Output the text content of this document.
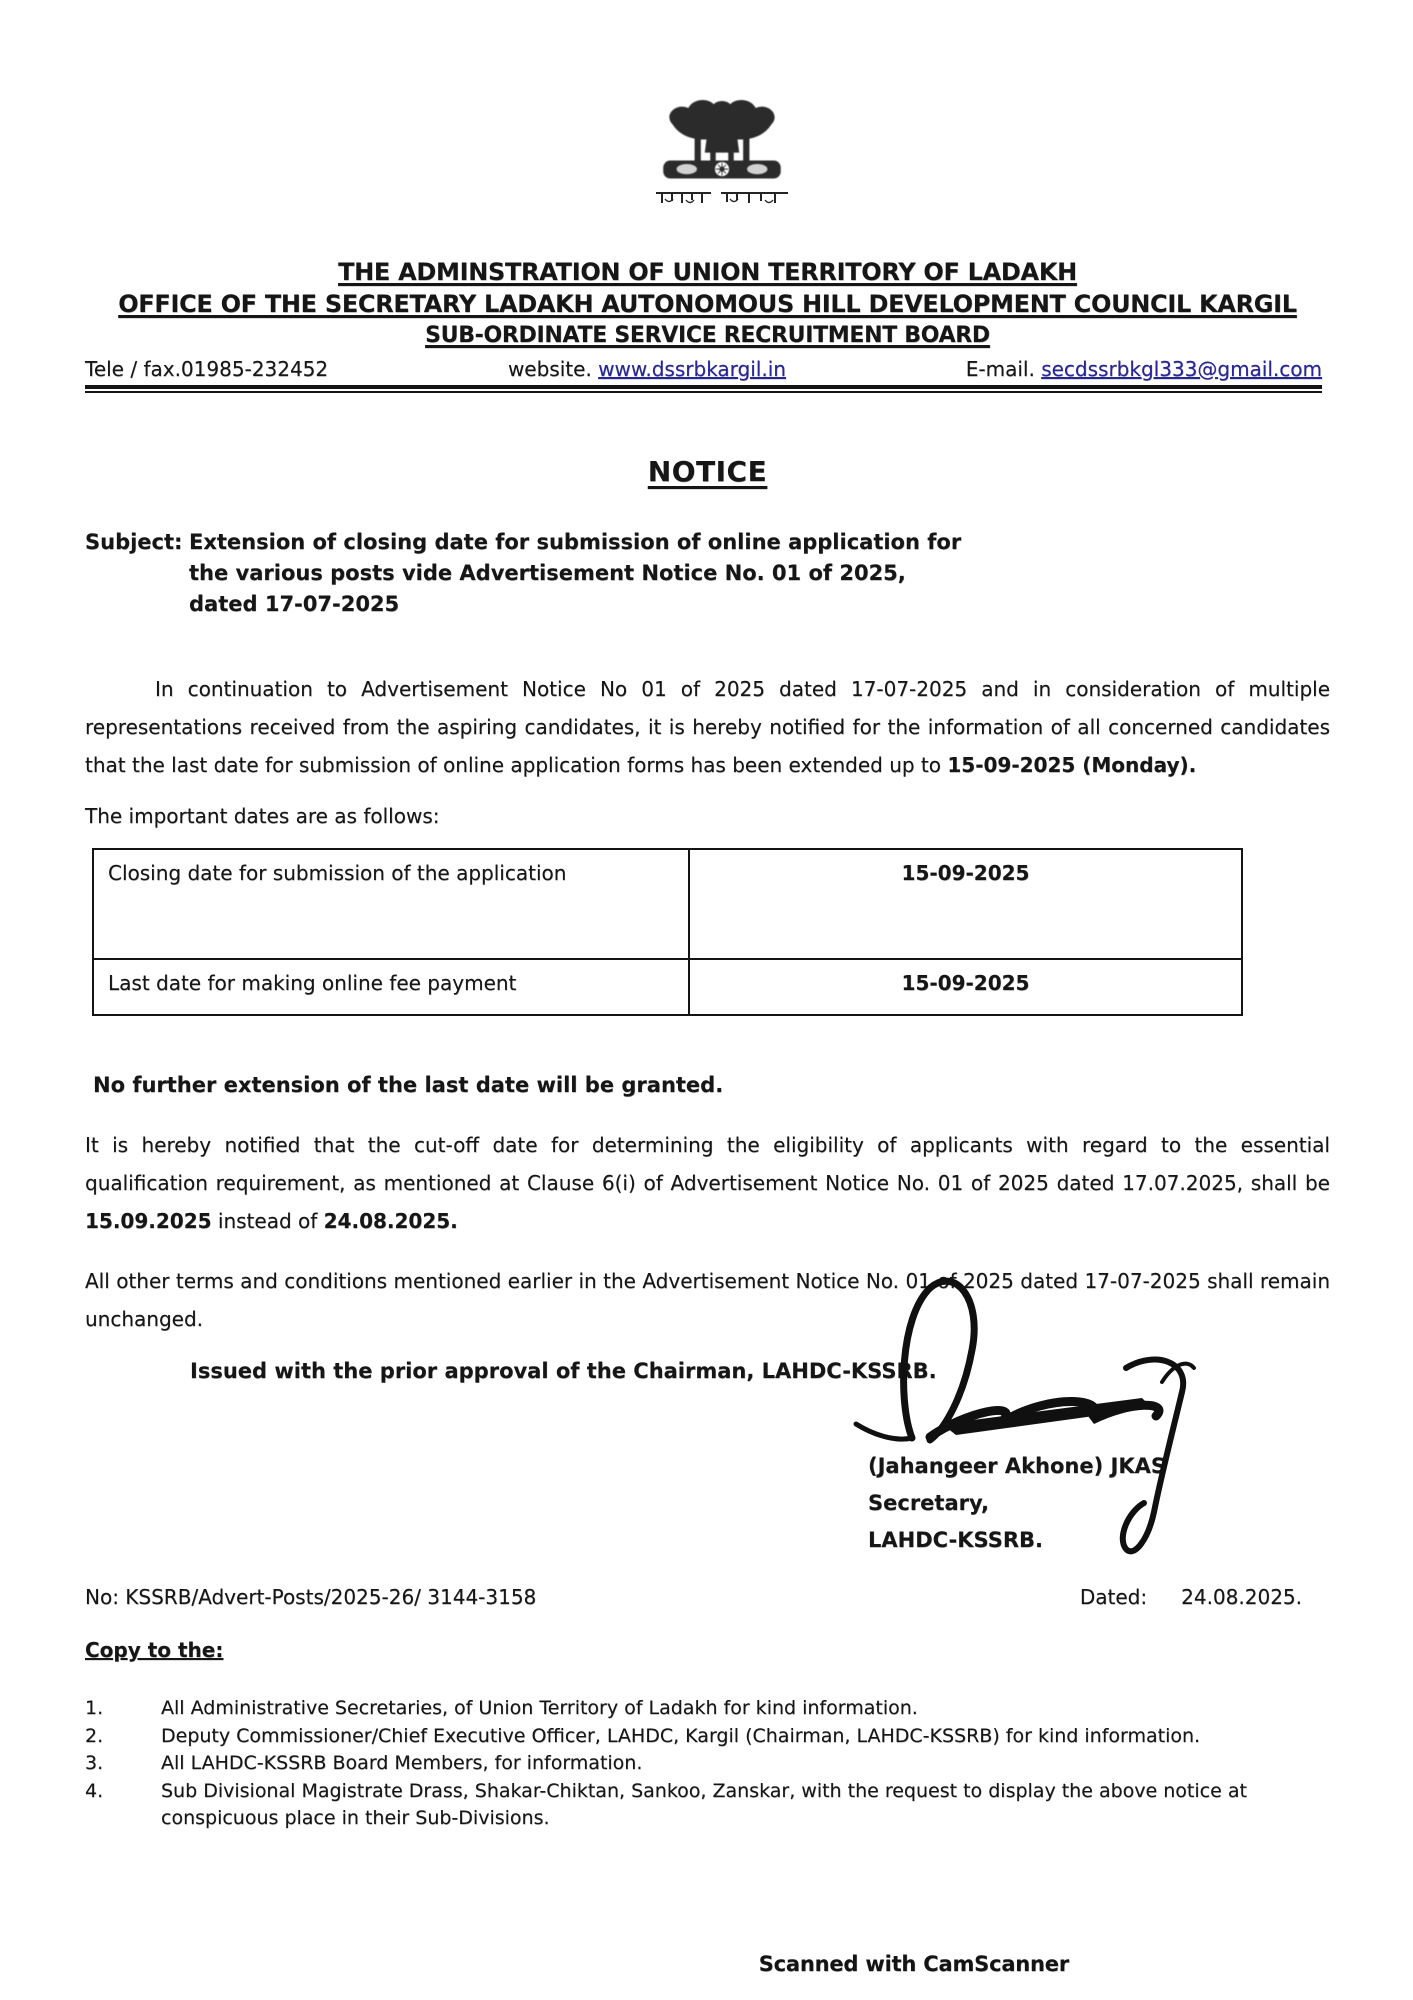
THE ADMINSTRATION OF UNION TERRITORY OF LADAKH
OFFICE OF THE SECRETARY LADAKH AUTONOMOUS HILL DEVELOPMENT COUNCIL KARGIL
SUB-ORDINATE SERVICE RECRUITMENT BOARD
Tele / fax.01985-232452	website. www.dssrbkargil.in	E-mail. secdssrbkgl333@gmail.com
NOTICE
Subject: Extension of closing date for submission of online application for
the various posts vide Advertisement Notice No. 01 of 2025,
dated 17-07-2025

In continuation to Advertisement Notice No 01 of 2025 dated 17-07-2025 and in consideration of multiple representations received from the aspiring candidates, it is hereby notified for the information of all concerned candidates that the last date for submission of online application forms has been extended up to 15-09-2025 (Monday).

The important dates are as follows:
Closing date for submission of the application	15-09-2025
Last date for making online fee payment	15-09-2025
No further extension of the last date will be granted.

It is hereby notified that the cut-off date for determining the eligibility of applicants with regard to the essential qualification requirement, as mentioned at Clause 6(i) of Advertisement Notice No. 01 of 2025 dated 17.07.2025, shall be 15.09.2025 instead of 24.08.2025.

All other terms and conditions mentioned earlier in the Advertisement Notice No. 01 of 2025 dated 17-07-2025 shall remain unchanged.

Issued with the prior approval of the Chairman, LAHDC-KSSRB.
(Jahangeer Akhone) JKAS
Secretary,
LAHDC-KSSRB.
No: KSSRB/Advert-Posts/2025-26/ 3144-3158	Dated: 24.08.2025.
Copy to the:
1.	All Administrative Secretaries, of Union Territory of Ladakh for kind information.
2.	Deputy Commissioner/Chief Executive Officer, LAHDC, Kargil (Chairman, LAHDC-KSSRB) for kind information.
3.	All LAHDC-KSSRB Board Members, for information.
4.	Sub Divisional Magistrate Drass, Shakar-Chiktan, Sankoo, Zanskar, with the request to display the above notice at conspicuous place in their Sub-Divisions.
Scanned with CamScanner
